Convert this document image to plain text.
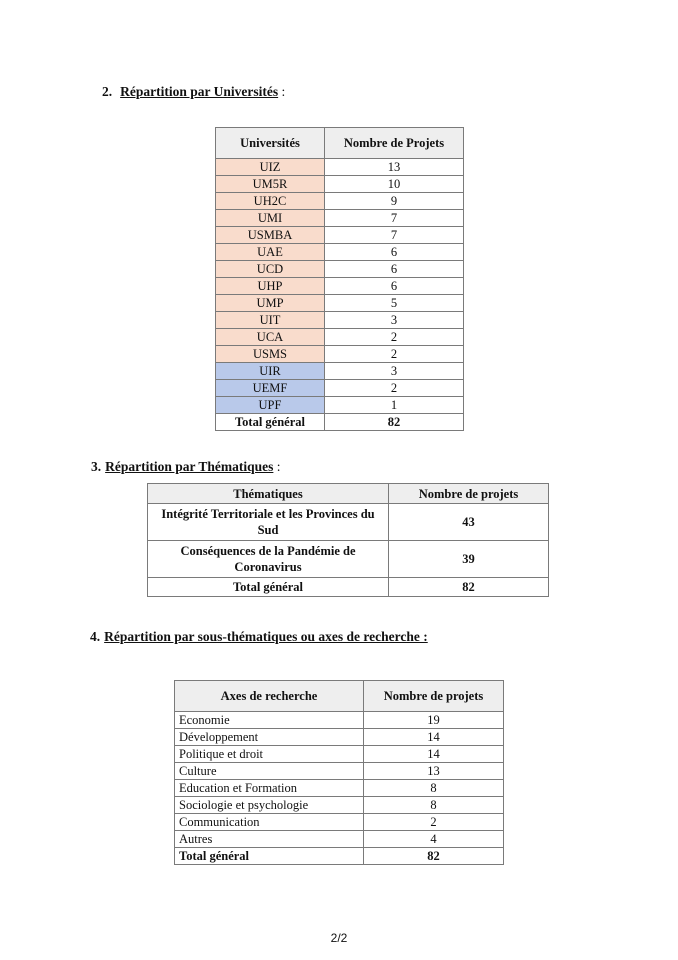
2. Répartition par Universités :
Universités	Nombre de Projets
UIZ	13
UM5R	10
UH2C	9
UMI	7
USMBA	7
UAE	6
UCD	6
UHP	6
UMP	5
UIT	3
UCA	2
USMS	2
UIR	3
UEMF	2
UPF	1
Total général	82
3. Répartition par Thématiques :
Thématiques	Nombre de projets
Intégrité Territoriale et les Provinces du Sud	43
Conséquences de la Pandémie de Coronavirus	39
Total général	82
4. Répartition par sous-thématiques ou axes de recherche :
Axes de recherche	Nombre de projets
Economie	19
Développement	14
Politique et droit	14
Culture	13
Education et Formation	8
Sociologie et psychologie	8
Communication	2
Autres	4
Total général	82
2/2
